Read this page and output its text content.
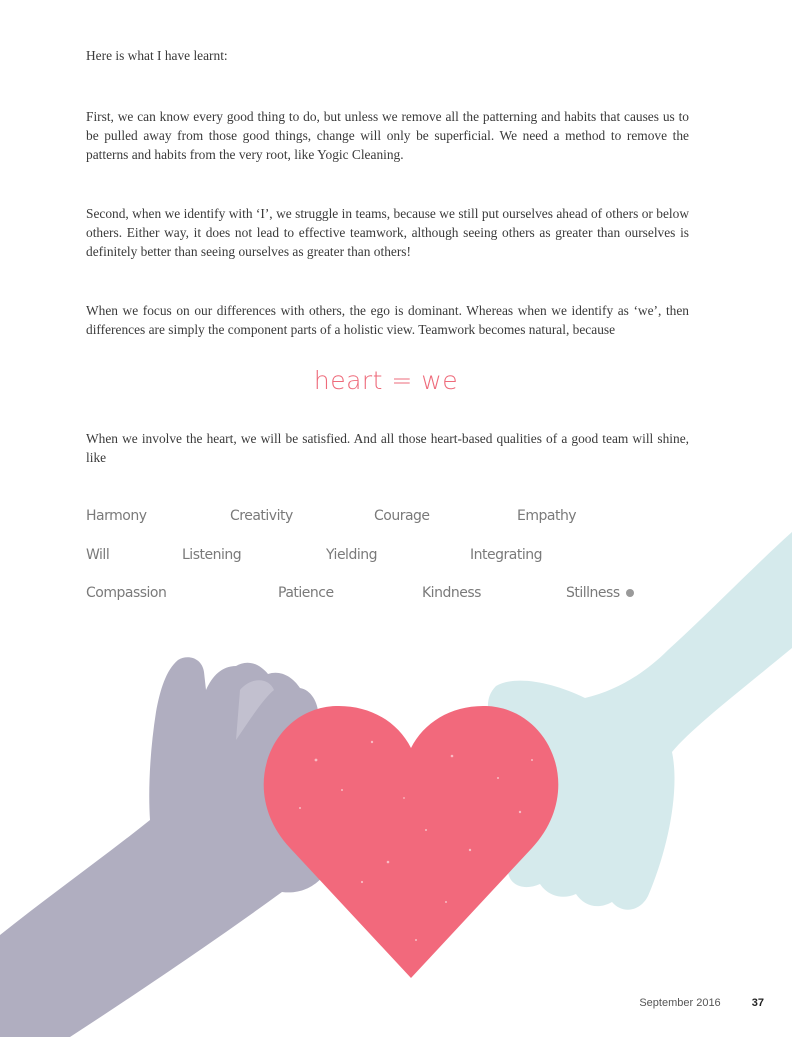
Here is what I have learnt:

First, we can know every good thing to do, but unless we remove all the patterning and habits that causes us to be pulled away from those good things, change will only be superficial. We need a method to remove the patterns and habits from the very root, like Yogic Cleaning.

Second, when we identify with ‘I’, we struggle in teams, because we still put ourselves ahead of others or below others. Either way, it does not lead to effective teamwork, although seeing others as greater than ourselves is definitely better than seeing ourselves as greater than others!

When we focus on our differences with others, the ego is dominant. Whereas when we identify as ‘we’, then differences are simply the component parts of a holistic view. Teamwork becomes natural, because

heart = we

When we involve the heart, we will be satisfied. And all those heart-based qualities of a good team will shine, like

September 2016	37
Harmony	Creativity	Courage	Empathy
Will	Listening	Yielding	Integrating
Compassion	Patience	Kindness	Stillness
